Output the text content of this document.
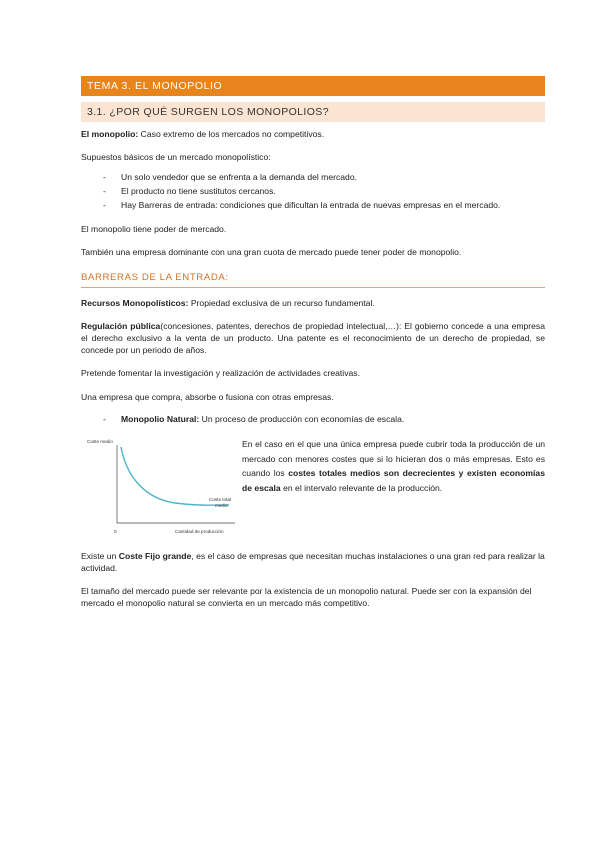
TEMA 3. EL MONOPOLIO
3.1. ¿POR QUÉ SURGEN LOS MONOPOLIOS?

El monopolio: Caso extremo de los mercados no competitivos.

Supuestos básicos de un mercado monopolístico:

- Un solo vendedor que se enfrenta a la demanda del mercado.
- El producto no tiene sustitutos cercanos.
- Hay Barreras de entrada: condiciones que dificultan la entrada de nuevas empresas en el mercado.

El monopolio tiene poder de mercado.

También una empresa dominante con una gran cuota de mercado puede tener poder de monopolio.

BARRERAS DE LA ENTRADA:

Recursos Monopolísticos: Propiedad exclusiva de un recurso fundamental.

Regulación pública(concesiones, patentes, derechos de propiedad intelectual,…): El gobierno concede a una empresa el derecho exclusivo a la venta de un producto. Una patente es el reconocimiento de un derecho de propiedad, se concede por un periodo de años.

Pretende fomentar la investigación y realización de actividades creativas.

Una empresa que compra, absorbe o fusiona con otras empresas.

- Monopolio Natural: Un proceso de producción con economías de escala.
Coste medio
Cantidad de producción
0
Coste total
medio

En el caso en el que una única empresa puede cubrir toda la producción de un mercado con menores costes que si lo hicieran dos o más empresas. Esto es cuando los costes totales medios son decrecientes y existen economías de escala en el intervalo relevante de la producción.

Existe un Coste Fijo grande, es el caso de empresas que necesitan muchas instalaciones o una gran red para realizar la actividad.

El tamaño del mercado puede ser relevante por la existencia de un monopolio natural. Puede ser con la expansión del mercado el monopolio natural se convierta en un mercado más competitivo.
